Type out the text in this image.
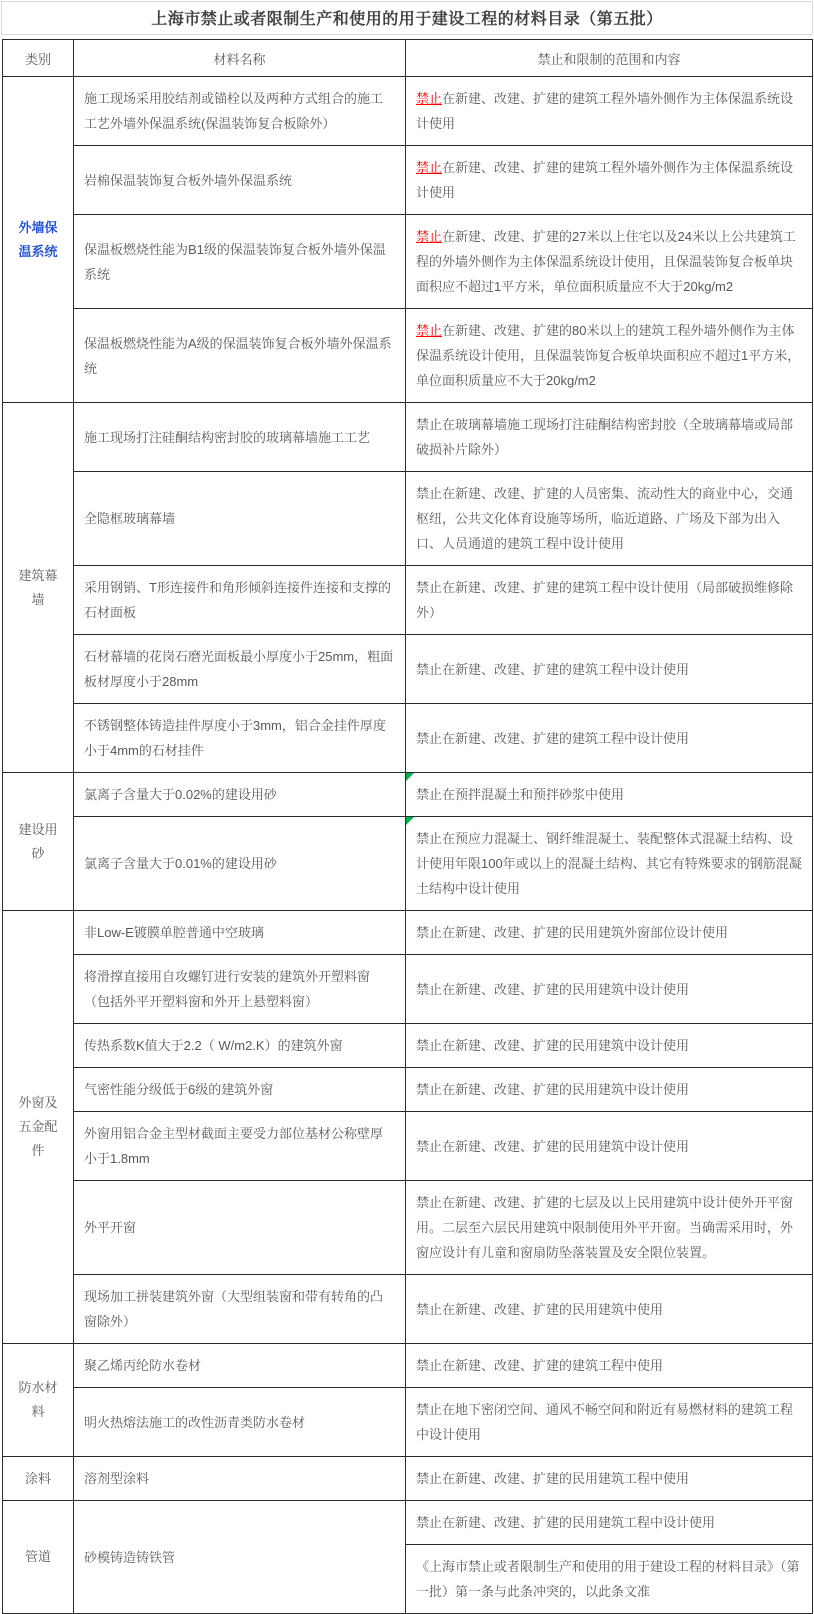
上海市禁止或者限制生产和使用的用于建设工程的材料目录（第五批）
类别	材料名称	禁止和限制的范围和内容
外墙保温系统	施工现场采用胶结剂或锚栓以及两种方式组合的施工工艺外墙外保温系统(保温装饰复合板除外）	禁止在新建、改建、扩建的建筑工程外墙外侧作为主体保温系统设计使用
	岩棉保温装饰复合板外墙外保温系统	禁止在新建、改建、扩建的建筑工程外墙外侧作为主体保温系统设计使用
	保温板燃烧性能为B1级的保温装饰复合板外墙外保温系统	禁止在新建、改建、扩建的27米以上住宅以及24米以上公共建筑工程的外墙外侧作为主体保温系统设计使用，且保温装饰复合板单块面积应不超过1平方米，单位面积质量应不大于20kg/m2
	保温板燃烧性能为A级的保温装饰复合板外墙外保温系统	禁止在新建、改建、扩建的80米以上的建筑工程外墙外侧作为主体保温系统设计使用，且保温装饰复合板单块面积应不超过1平方米，单位面积质量应不大于20kg/m2
建筑幕墙	施工现场打注硅酮结构密封胶的玻璃幕墙施工工艺	禁止在玻璃幕墙施工现场打注硅酮结构密封胶（全玻璃幕墙或局部破损补片除外）
	全隐框玻璃幕墙	禁止在新建、改建、扩建的人员密集、流动性大的商业中心，交通枢纽，公共文化体育设施等场所，临近道路、广场及下部为出入口、人员通道的建筑工程中设计使用
	采用钢销、T形连接件和角形倾斜连接件连接和支撑的石材面板	禁止在新建、改建、扩建的建筑工程中设计使用（局部破损维修除外）
	石材幕墙的花岗石磨光面板最小厚度小于25mm，粗面板材厚度小于28mm	禁止在新建、改建、扩建的建筑工程中设计使用
	不锈钢整体铸造挂件厚度小于3mm，铝合金挂件厚度小于4mm的石材挂件	禁止在新建、改建、扩建的建筑工程中设计使用
建设用砂	氯离子含量大于0.02%的建设用砂	禁止在预拌混凝土和预拌砂浆中使用
	氯离子含量大于0.01%的建设用砂	禁止在预应力混凝土、钢纤维混凝土、装配整体式混凝土结构、设计使用年限100年或以上的混凝土结构、其它有特殊要求的钢筋混凝土结构中设计使用
外窗及五金配件	非Low-E镀膜单腔普通中空玻璃	禁止在新建、改建、扩建的民用建筑外窗部位设计使用
	将滑撑直接用自攻螺钉进行安装的建筑外开塑料窗（包括外平开塑料窗和外开上悬塑料窗）	禁止在新建、改建、扩建的民用建筑中设计使用
	传热系数K值大于2.2（ W/m2.K）的建筑外窗	禁止在新建、改建、扩建的民用建筑中设计使用
	气密性能分级低于6级的建筑外窗	禁止在新建、改建、扩建的民用建筑中设计使用
	外窗用铝合金主型材截面主要受力部位基材公称壁厚小于1.8mm	禁止在新建、改建、扩建的民用建筑中设计使用
	外平开窗	禁止在新建、改建、扩建的七层及以上民用建筑中设计使外开平窗用。二层至六层民用建筑中限制使用外平开窗。当确需采用时，外窗应设计有儿童和窗扇防坠落装置及安全限位装置。
	现场加工拼装建筑外窗（大型组装窗和带有转角的凸窗除外）	禁止在新建、改建、扩建的民用建筑中使用
防水材料	聚乙烯丙纶防水卷材	禁止在新建、改建、扩建的建筑工程中使用
	明火热熔法施工的改性沥青类防水卷材	禁止在地下密闭空间、通风不畅空间和附近有易燃材料的建筑工程中设计使用
涂料	溶剂型涂料	禁止在新建、改建、扩建的民用建筑工程中使用
管道	砂模铸造铸铁管	禁止在新建、改建、扩建的民用建筑工程中设计使用
		《上海市禁止或者限制生产和使用的用于建设工程的材料目录》（第一批）第一条与此条冲突的，以此条文准
